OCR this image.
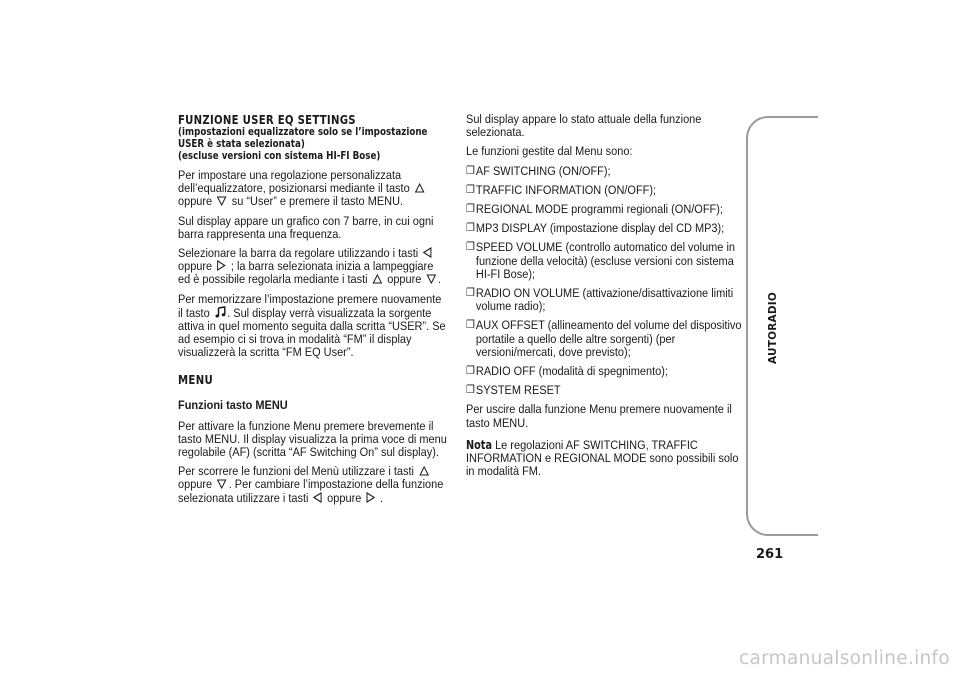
FUNZIONE USER EQ SETTINGS
(impostazioni equalizzatore solo se l’impostazione
USER è stata selezionata)
(escluse versioni con sistema HI-FI Bose)

Per impostare una regolazione personalizzata dell’equalizzatore, posizionarsi mediante il tasto  oppure su “User” e premere il tasto MENU.

Sul display appare un grafico con 7 barre, in cui ogni barra rappresenta una frequenza.

Selezionare la barra da regolare utilizzando i tasti  oppure ; la barra selezionata inizia a lampeggiare ed è possibile regolarla mediante i tasti oppure .

Per memorizzare l’impostazione premere nuovamente il tasto . Sul display verrà visualizzata la sorgente attiva in quel momento seguita dalla scritta “USER”. Se ad esempio ci si trova in modalità “FM” il display visualizzerà la scritta “FM EQ User”.

MENU
Funzioni tasto MENU

Per attivare la funzione Menu premere brevemente il tasto MENU. Il display visualizza la prima voce di menu regolabile (AF) (scritta “AF Switching On” sul display).

Per scorrere le funzioni del Menù utilizzare i tasti  oppure . Per cambiare l’impostazione della funzione selezionata utilizzare i tasti oppure .

Sul display appare lo stato attuale della funzione selezionata.

Le funzioni gestite dal Menu sono:

❐ AF SWITCHING (ON/OFF);
❐ TRAFFIC INFORMATION (ON/OFF);
❐ REGIONAL MODE programmi regionali (ON/OFF);
❐ MP3 DISPLAY (impostazione display del CD MP3);
❐ SPEED VOLUME (controllo automatico del volume in funzione della velocità) (escluse versioni con sistema HI-FI Bose);
❐ RADIO ON VOLUME (attivazione/disattivazione limiti volume radio);
❐ AUX OFFSET (allineamento del volume del dispositivo portatile a quello delle altre sorgenti) (per versioni/mercati, dove previsto);
❐ RADIO OFF (modalità di spegnimento);
❐ SYSTEM RESET

Per uscire dalla funzione Menu premere nuovamente il tasto MENU.

Nota Le regolazioni AF SWITCHING, TRAFFIC INFORMATION e REGIONAL MODE sono possibili solo in modalità FM.

AUTORADIO
261
carmanualsonline.info
